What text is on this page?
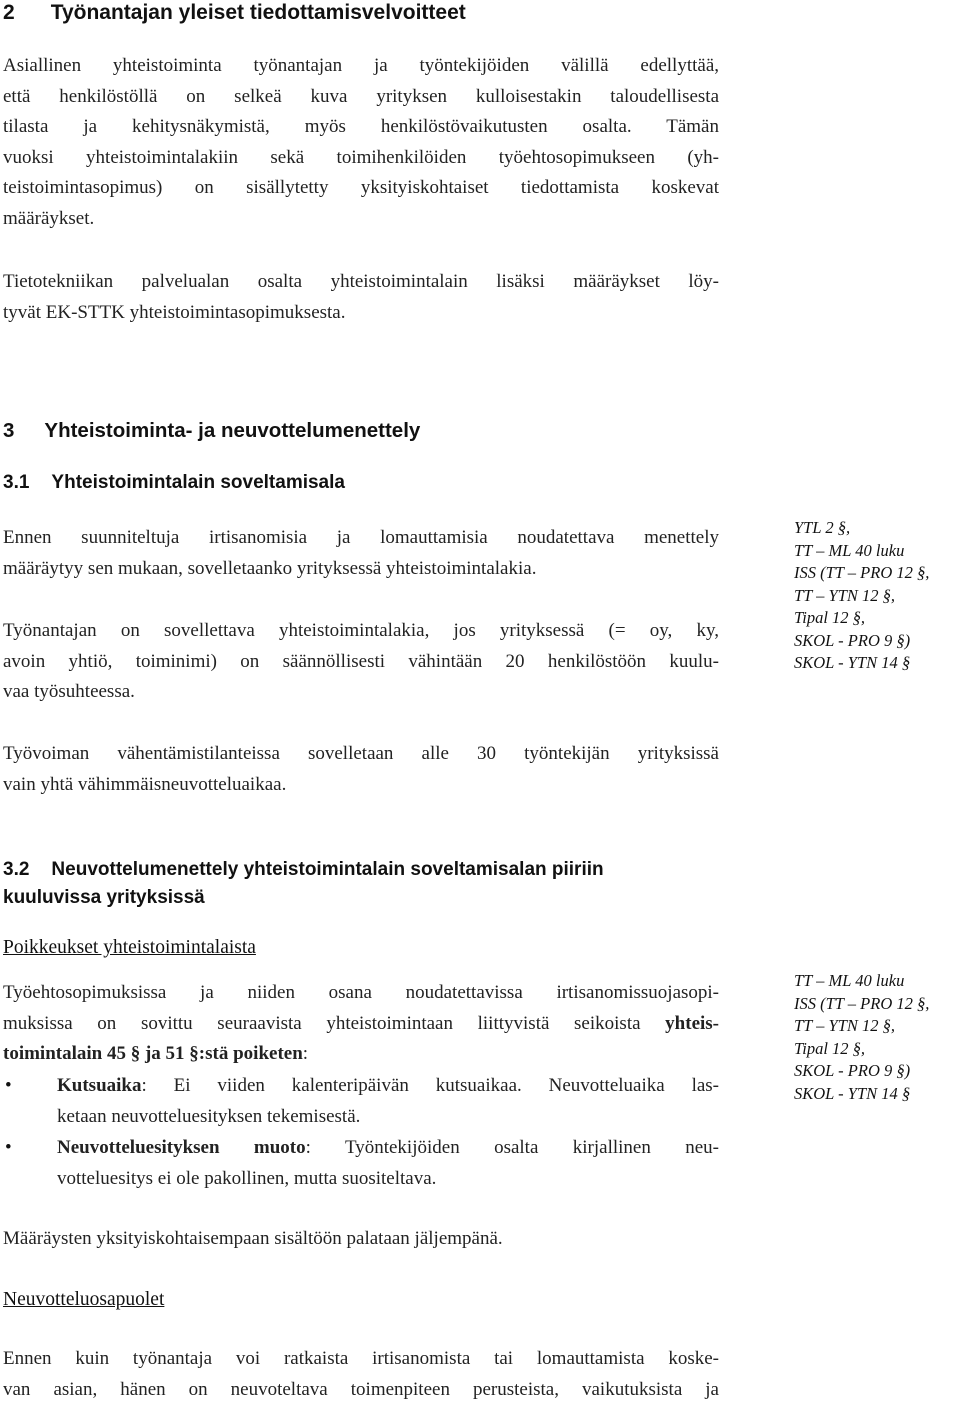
2 Työnantajan yleiset tiedottamisvelvoitteet
Asiallinen yhteistoiminta työnantajan ja työntekijöiden välillä edellyttää,
että henkilöstöllä on selkeä kuva yrityksen kulloisestakin taloudellisesta
tilasta ja kehitysnäkymistä, myös henkilöstövaikutusten osalta. Tämän
vuoksi yhteistoimintalakiin sekä toimihenkilöiden työehtosopimukseen (yh-
teistoimintasopimus) on sisällytetty yksityiskohtaiset tiedottamista koskevat
määräykset.
Tietotekniikan palvelualan osalta yhteistoimintalain lisäksi määräykset löy-
tyvät EK-STTK yhteistoimintasopimuksesta.
3 Yhteistoiminta- ja neuvottelumenettely
3.1 Yhteistoimintalain soveltamisala
Ennen suunniteltuja irtisanomisia ja lomauttamisia noudatettava menettely
määräytyy sen mukaan, sovelletaanko yrityksessä yhteistoimintalakia.
Työnantajan on sovellettava yhteistoimintalakia, jos yrityksessä (= oy, ky,
avoin yhtiö, toiminimi) on säännöllisesti vähintään 20 henkilöstöön kuulu-
vaa työsuhteessa.
YTL 2 §,
TT – ML 40 luku
ISS (TT – PRO 12 §,
TT – YTN 12 §,
Tipal 12 §,
SKOL - PRO 9 §)
SKOL - YTN 14 §
Työvoiman vähentämistilanteissa sovelletaan alle 30 työntekijän yrityksissä
vain yhtä vähimmäisneuvotteluaikaa.
3.2 Neuvottelumenettely yhteistoimintalain soveltamisalan piiriin
kuuluvissa yrityksissä
Poikkeukset yhteistoimintalaista
Työehtosopimuksissa ja niiden osana noudatettavissa irtisanomissuojasopi-
muksissa on sovittu seuraavista yhteistoimintaan liittyvistä seikoista yhteis-
toimintalain 45 § ja 51 §:stä poiketen:
• Kutsuaika: Ei viiden kalenteripäivän kutsuaikaa. Neuvotteluaika las-
ketaan neuvotteluesityksen tekemisestä.
• Neuvotteluesityksen muoto: Työntekijöiden osalta kirjallinen neu-
votteluesitys ei ole pakollinen, mutta suositeltava.
TT – ML 40 luku
ISS (TT – PRO 12 §,
TT – YTN 12 §,
Tipal 12 §,
SKOL - PRO 9 §)
SKOL - YTN 14 §
Määräysten yksityiskohtaisempaan sisältöön palataan jäljempänä.
Neuvotteluosapuolet
Ennen kuin työnantaja voi ratkaista irtisanomista tai lomauttamista koske-
van asian, hänen on neuvoteltava toimenpiteen perusteista, vaikutuksista ja
